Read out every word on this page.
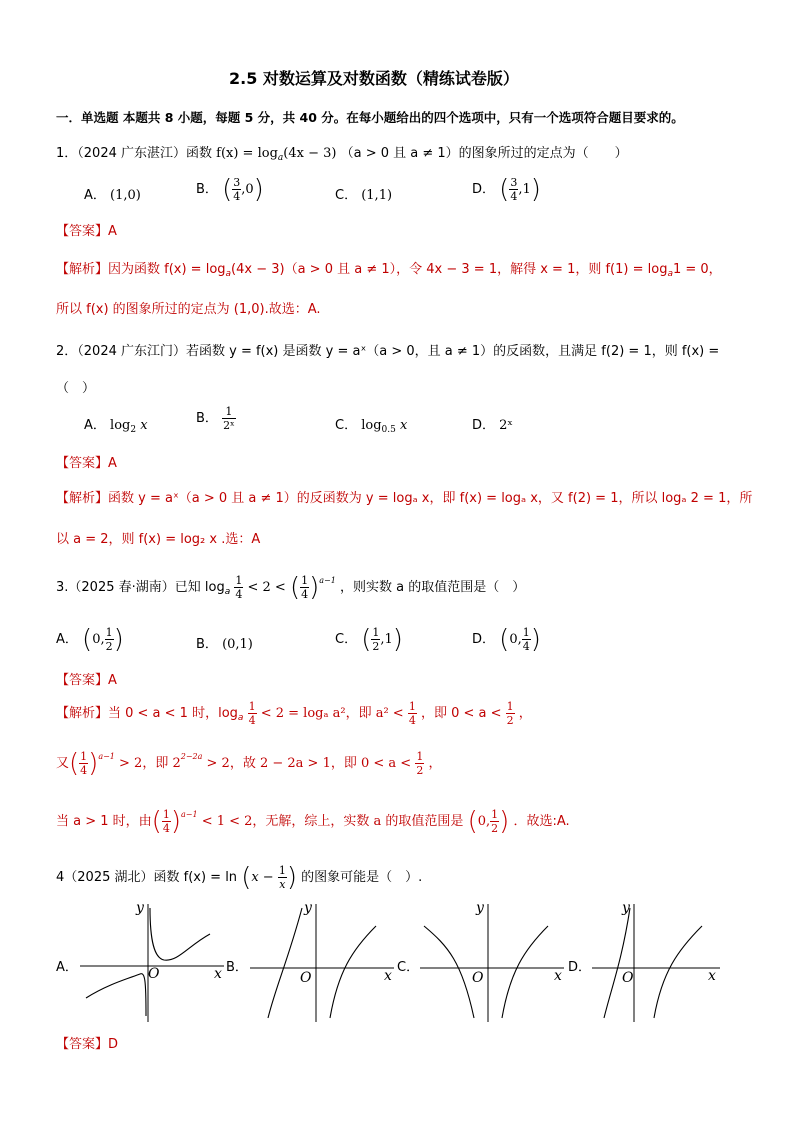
2.5 对数运算及对数函数（精练试卷版）
一．单选题 本题共 8 小题，每题 5 分，共 40 分。在每小题给出的四个选项中，只有一个选项符合题目要求的。
1．（2024 广东湛江）函数 $f(x) = \log_a(4x - 3) (a > 0$ 且 a ≠ 1）的图象所过的定点为（　　）
A． (1,0)	B． ( $\frac{3}{4} ,0$)	C． (1,1)	D． ( $\frac{3}{4} ,1$)
【答案】A
【解析】因为函数 $f(x) = \log_a(4x - 3)(a > 0$ 且 a ≠ 1），令 4x − 3 = 1，解得 x = 1，则 $f(1) = \log_a1 = 0$，
所以 f(x) 的图象所过的定点为 (1,0).故选：A.
2．（2024 广东江门）若函数 y = f(x) 是函数 y = aˣ（a > 0，且 a ≠ 1）的反函数，且满足 f(2) = 1，则 f(x) =
（　）
A． $\log_2 x$	B． $\frac{1}{\text{2ˣ}}$	C． $\log_{0.5} x$	D． 2ˣ
【答案】A
【解析】函数 y = aˣ（a > 0 且 a ≠ 1）的反函数为 y = logₐ x，即 f(x) = logₐ x，又 f(2) = 1，所以 logₐ 2 = 1，所
以 a = 2，则 f(x) = log₂ x .选：A
3.（2025 春·湖南）已知 $\log_a \frac{1}{4} < 2$ < ( $\frac{1}{4} )^{a-1}$ ，则实数 a 的取值范围是（　）
A． (0, $\frac{1}{2}$ )	B． (0,1)	C． ( $\frac{1}{2} ,1$)	D． (0, $\frac{1}{4}$ )
【答案】A
【解析】当 0 < a < 1 时，$\log_a \frac{1}{4} < 2 = \log_a$ a²，即 $a^2 < \frac{1}{4}$ ，即 $0 < a < \frac{1}{2}$ ，
又( $\frac{1}{4} )^{a-1} > 2$，即 $2^{2-2a} > 2$，故 2 − 2a > 1，即 $0 < a < \frac{1}{2}$ ，
当 a > 1 时，由( $\frac{1}{4} )^{a-1} < 1 < 2$，无解，综上，实数 a 的取值范围是 (0, $\frac{1}{2}$ ) ．故选:A.
4（2025 湖北）函数 $f(x) = \ln (x - \frac{1}{x}$ ) 的图象可能是（　）.
A．
y
x
O	B．
y
x
O
C．
y
x
O
D．
y
x
O
【答案】D
